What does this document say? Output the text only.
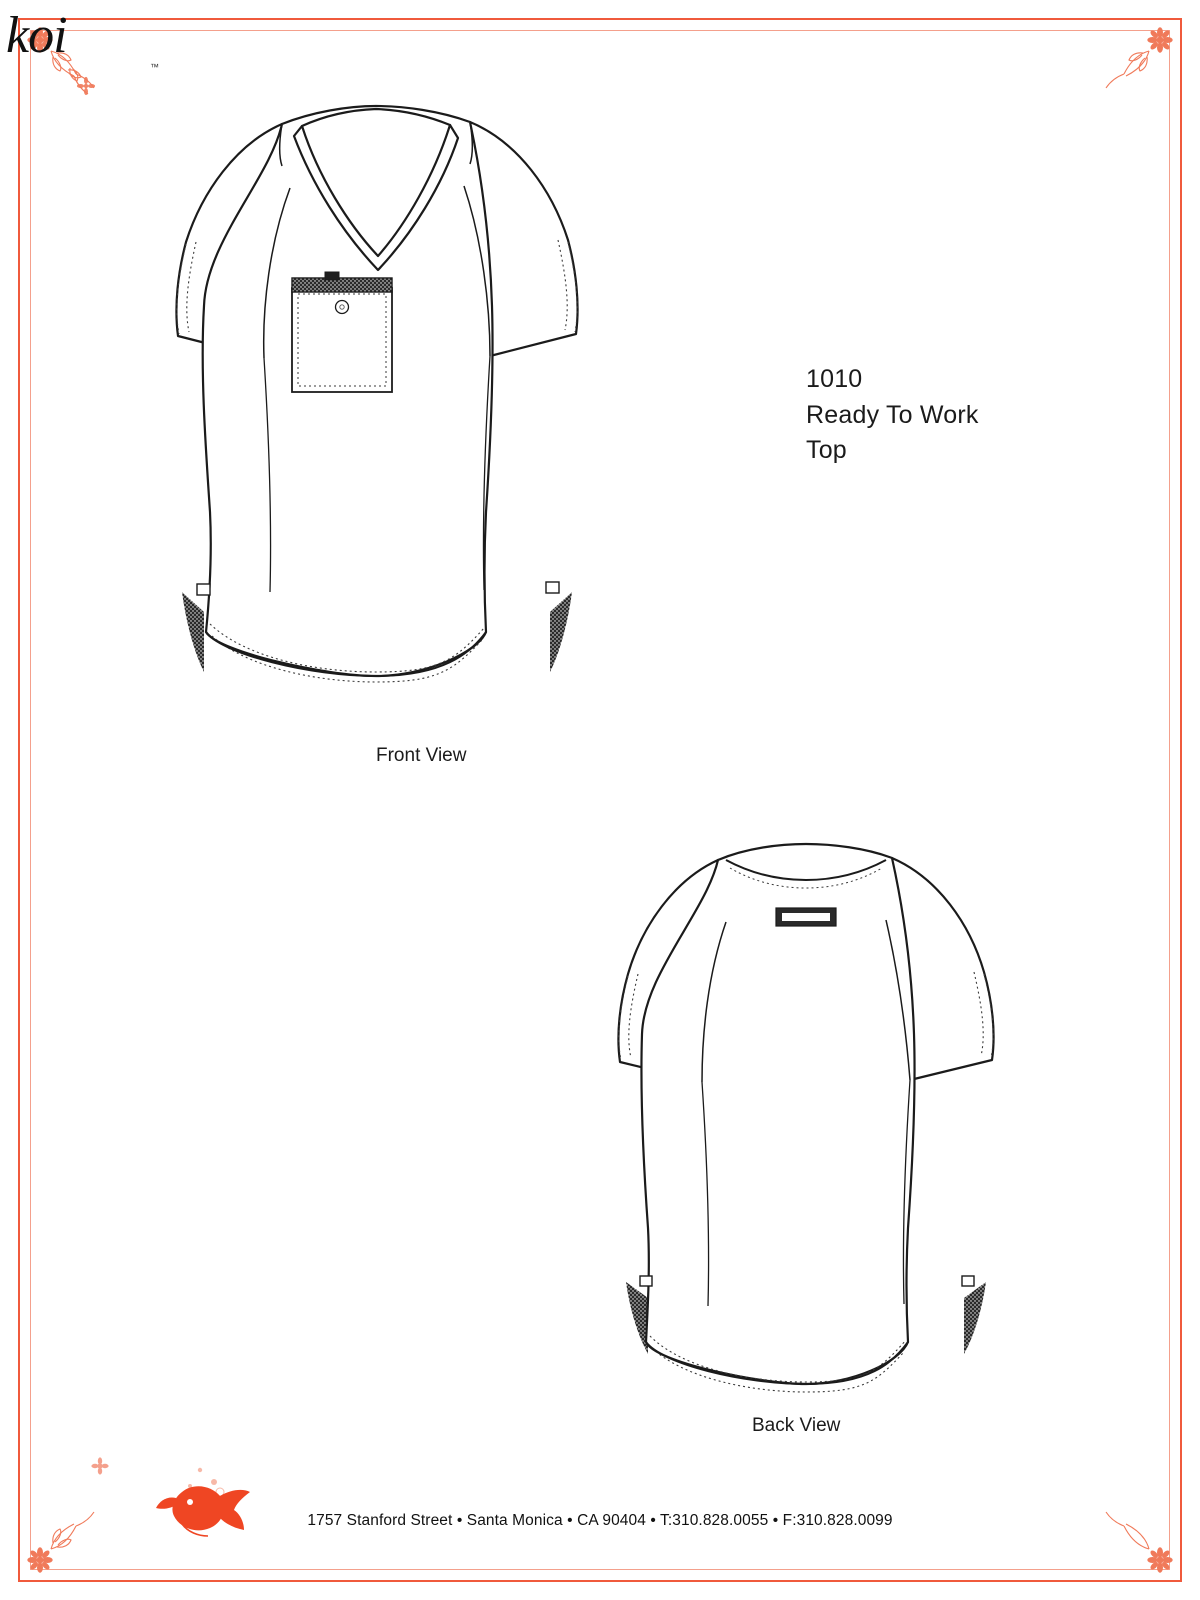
1010
Ready To Work
Top
Front View
Back View
koi
™
1757 Stanford Street • Santa Monica • CA 90404 • T:310.828.0055 • F:310.828.0099
